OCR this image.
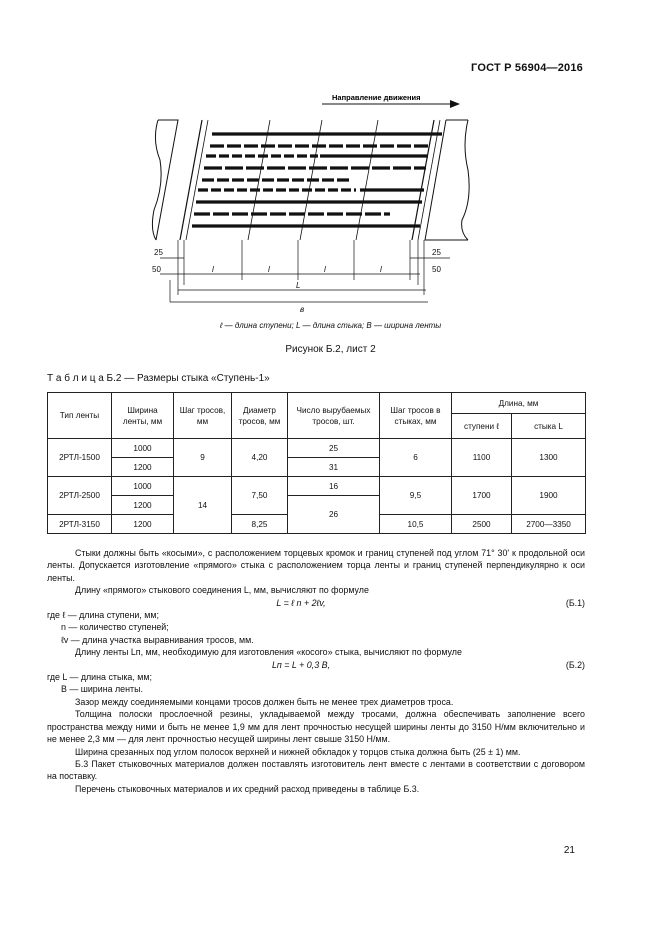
ГОСТ Р 56904—2016
Направление движения
25
50
25
50
l	l	l	l
L
в
ℓ — длина ступени; L — длина стыка; B — ширина ленты
Рисунок Б.2, лист 2
Т а б л и ц а Б.2 — Размеры стыка «Ступень-1»
Тип ленты	Ширина ленты, мм	Шаг тросов, мм	Диаметр тросов, мм	Число вырубаемых тросов, шт.	Шаг тросов в стыках, мм	Длина, мм	
						ступени ℓ	стыка L
2РТЛ-1500	1000	9	4,20	25	6	1100	1300
	1200			31			
2РТЛ-2500	1000	14	7,50	16	9,5	1700	1900
	1200			26			
2РТЛ-3150	1200		8,25		10,5	2500	2700—3350

Стыки должны быть «косыми», с расположением торцевых кромок и границ ступеней под углом 71° 30' к продольной оси ленты. Допускается изготовление «прямого» стыка с расположением торца ленты и границ ступеней перпендикулярно к оси ленты.

Длину «прямого» стыкового соединения L, мм, вычисляют по формуле

L = ℓ n + 2ℓv,	(Б.1)

где ℓ — длина ступени, мм;

n — количество ступеней;

ℓv — длина участка выравнивания тросов, мм.

Длину ленты Lп, мм, необходимую для изготовления «косого» стыка, вычисляют по формуле

Lп = L + 0,3 B,	(Б.2)

где L — длина стыка, мм;

B — ширина ленты.

Зазор между соединяемыми концами тросов должен быть не менее трех диаметров троса.

Толщина полоски прослоечной резины, укладываемой между тросами, должна обеспечивать заполнение всего пространства между ними и быть не менее 1,9 мм для лент прочностью несущей ширины ленты до 3150 Н/мм включительно и не менее 2,3 мм — для лент прочностью несущей ширины лент свыше 3150 Н/мм.

Ширина срезанных под углом полосок верхней и нижней обкладок у торцов стыка должна быть (25 ± 1) мм.

Б.3 Пакет стыковочных материалов должен поставлять изготовитель лент вместе с лентами в соответствии с договором на поставку.

Перечень стыковочных материалов и их средний расход приведены в таблице Б.3.

21
